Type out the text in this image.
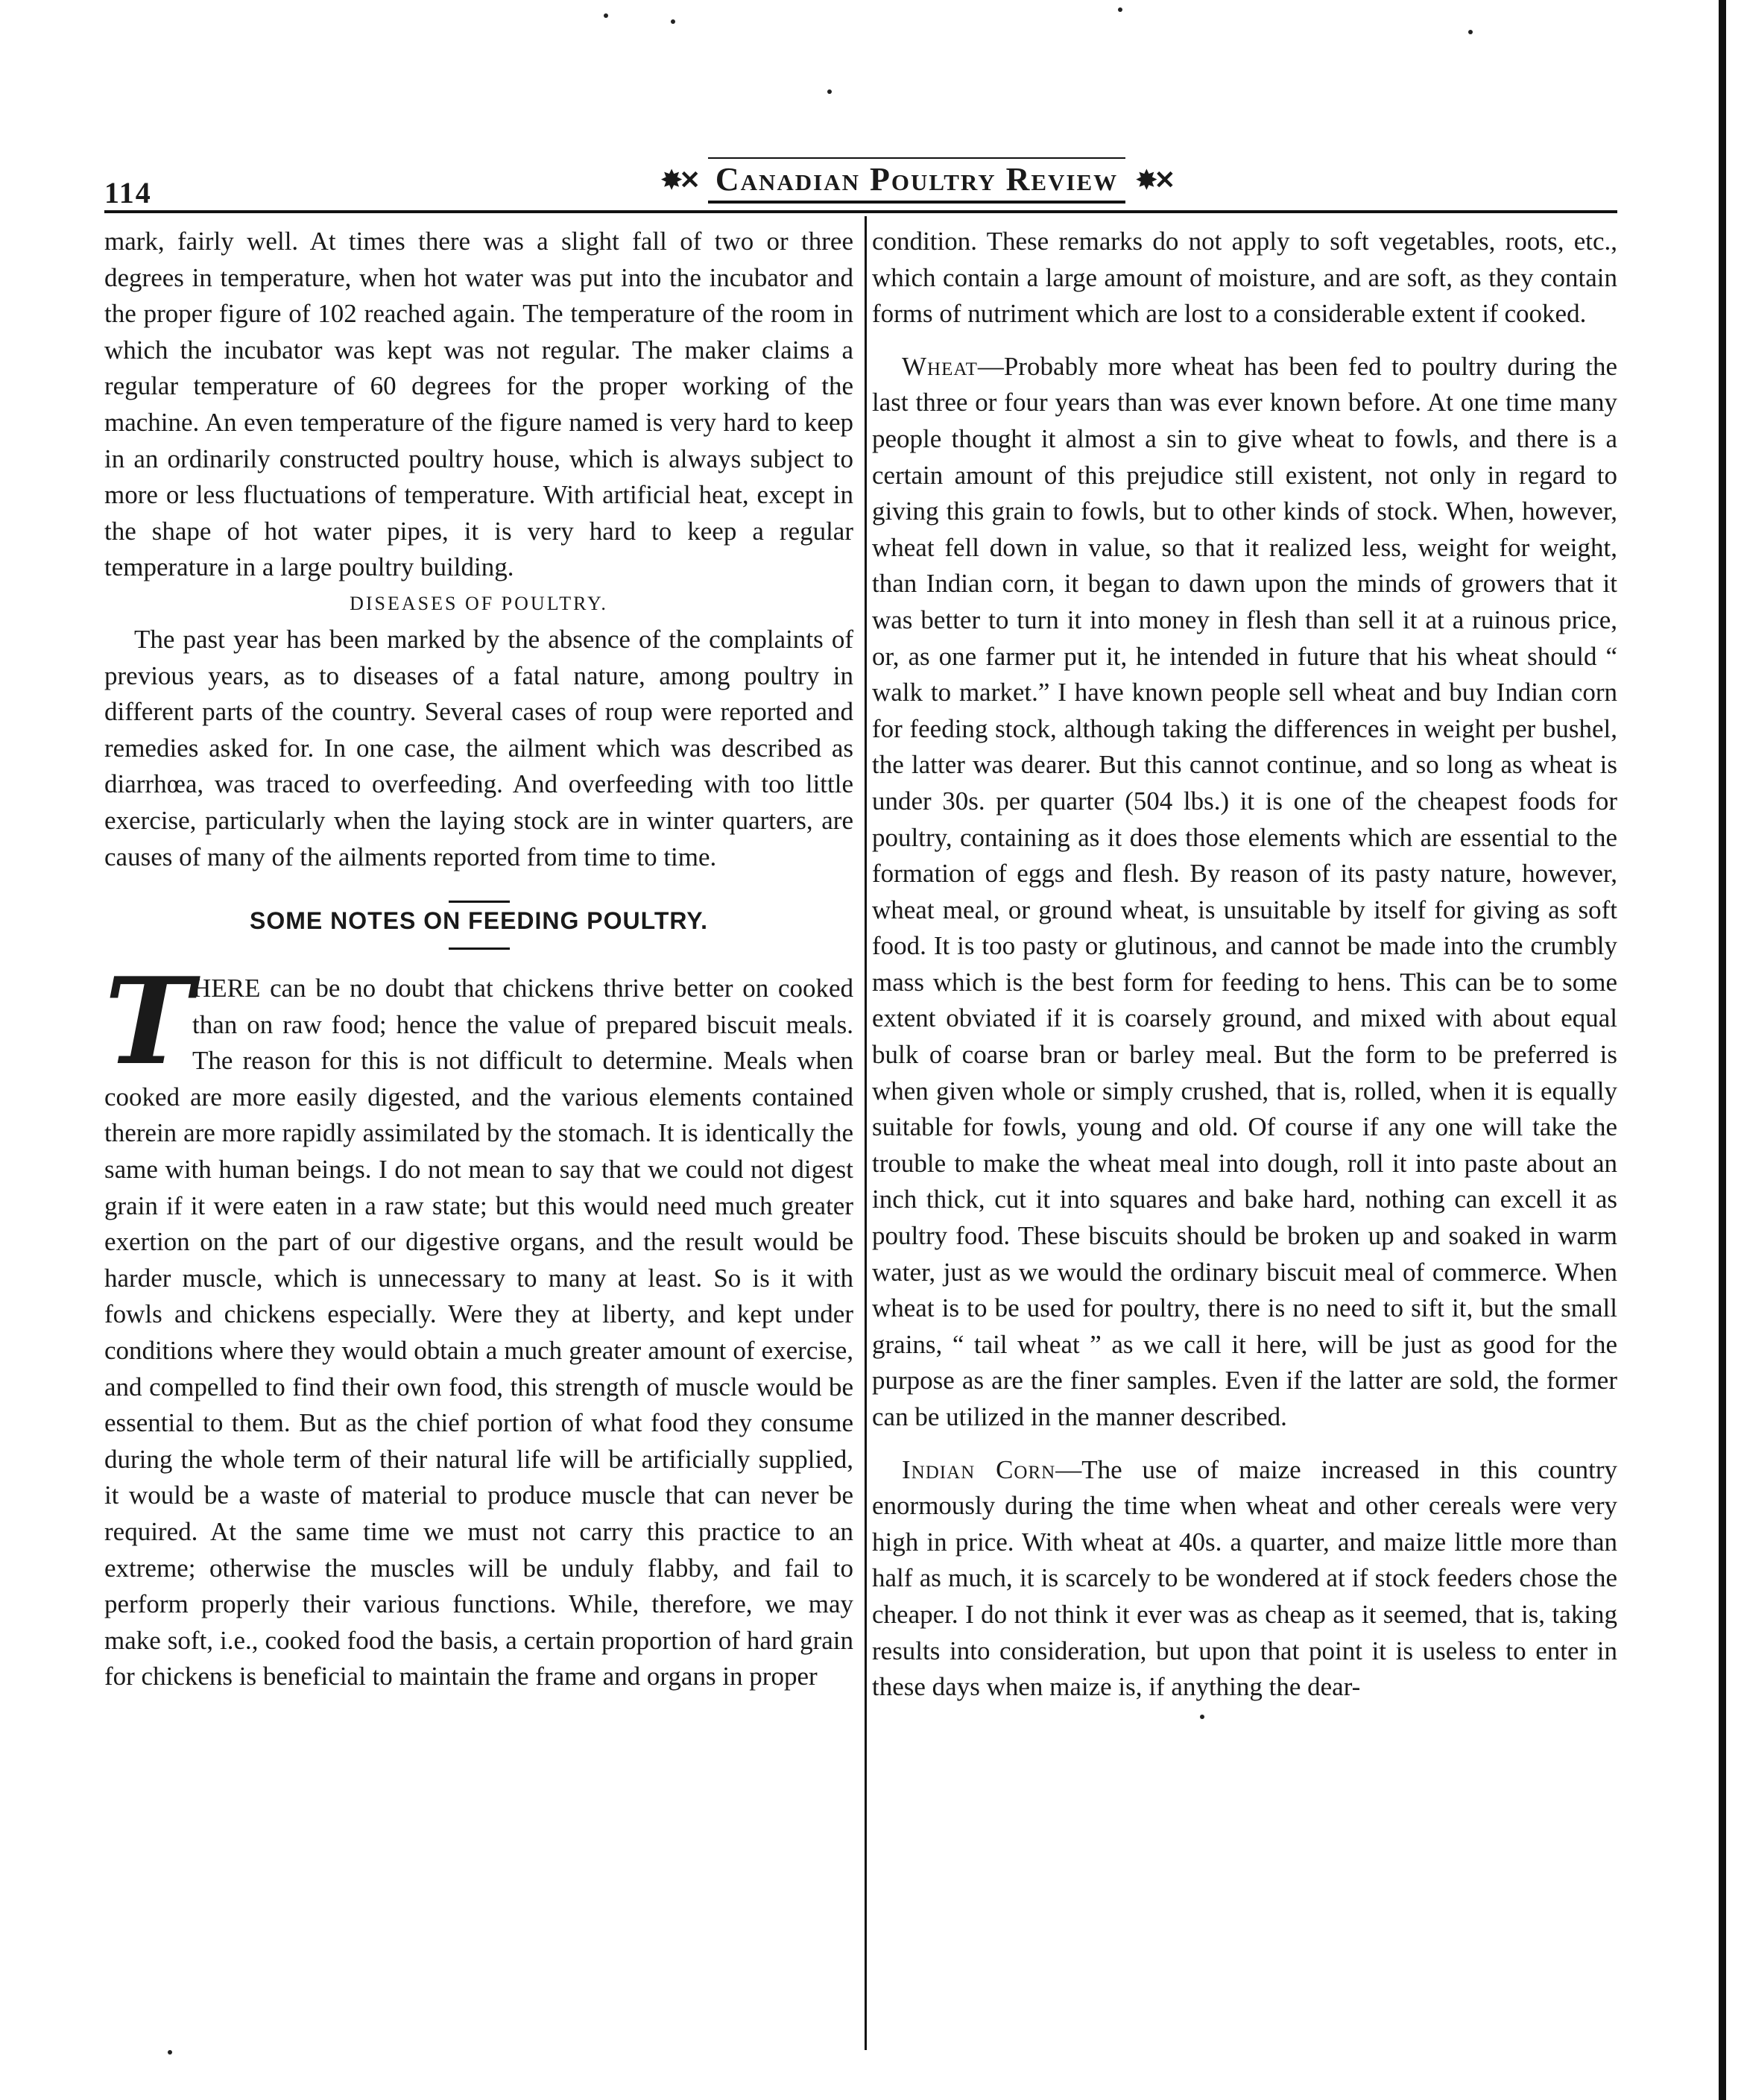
114	✸✕ Canadian Poultry Review ✸✕

mark, fairly well. At times there was a slight fall of two or three degrees in temperature, when hot water was put into the incubator and the proper figure of 102 reached again. The temperature of the room in which the incubator was kept was not regular. The maker claims a regular temperature of 60 degrees for the proper working of the machine. An even temperature of the figure named is very hard to keep in an ordinarily constructed poultry house, which is always subject to more or less fluctuations of temperature. With artificial heat, except in the shape of hot water pipes, it is very hard to keep a regular temperature in a large poultry building.

DISEASES OF POULTRY.

The past year has been marked by the absence of the complaints of previous years, as to diseases of a fatal nature, among poultry in different parts of the country. Several cases of roup were reported and remedies asked for. In one case, the ailment which was described as diarrhœa, was traced to overfeeding. And overfeeding with too little exercise, particularly when the laying stock are in winter quarters, are causes of many of the ailments reported from time to time.

SOME NOTES ON FEEDING POULTRY.

T
HERE can be no doubt that chickens thrive better on cooked than on raw food; hence the value of prepared biscuit meals. The reason for this is not difficult to determine. Meals when cooked are more easily digested, and the various elements contained therein are more rapidly assimilated by the stomach. It is identically the same with human beings. I do not mean to say that we could not digest grain if it were eaten in a raw state; but this would need much greater exertion on the part of our digestive organs, and the result would be harder muscle, which is unnecessary to many at least. So is it with fowls and chickens especially. Were they at liberty, and kept under conditions where they would obtain a much greater amount of exercise, and compelled to find their own food, this strength of muscle would be essential to them. But as the chief portion of what food they consume during the whole term of their natural life will be artificially supplied, it would be a waste of material to produce muscle that can never be required. At the same time we must not carry this practice to an extreme; otherwise the muscles will be unduly flabby, and fail to perform properly their various functions. While, therefore, we may make soft, i.e., cooked food the basis, a certain proportion of hard grain for chickens is beneficial to maintain the frame and organs in proper

condition. These remarks do not apply to soft vegetables, roots, etc., which contain a large amount of moisture, and are soft, as they contain forms of nutriment which are lost to a considerable extent if cooked.

Wheat—Probably more wheat has been fed to poultry during the last three or four years than was ever known before. At one time many people thought it almost a sin to give wheat to fowls, and there is a certain amount of this prejudice still existent, not only in regard to giving this grain to fowls, but to other kinds of stock. When, however, wheat fell down in value, so that it realized less, weight for weight, than Indian corn, it began to dawn upon the minds of growers that it was better to turn it into money in flesh than sell it at a ruinous price, or, as one farmer put it, he intended in future that his wheat should “ walk to market.” I have known people sell wheat and buy Indian corn for feeding stock, although taking the differences in weight per bushel, the latter was dearer. But this cannot continue, and so long as wheat is under 30s. per quarter (504 lbs.) it is one of the cheapest foods for poultry, containing as it does those elements which are essential to the formation of eggs and flesh. By reason of its pasty nature, however, wheat meal, or ground wheat, is unsuitable by itself for giving as soft food. It is too pasty or glutinous, and cannot be made into the crumbly mass which is the best form for feeding to hens. This can be to some extent obviated if it is coarsely ground, and mixed with about equal bulk of coarse bran or barley meal. But the form to be preferred is when given whole or simply crushed, that is, rolled, when it is equally suitable for fowls, young and old. Of course if any one will take the trouble to make the wheat meal into dough, roll it into paste about an inch thick, cut it into squares and bake hard, nothing can excell it as poultry food. These biscuits should be broken up and soaked in warm water, just as we would the ordinary biscuit meal of commerce. When wheat is to be used for poultry, there is no need to sift it, but the small grains, “ tail wheat ” as we call it here, will be just as good for the purpose as are the finer samples. Even if the latter are sold, the former can be utilized in the manner described.

Indian Corn—The use of maize increased in this country enormously during the time when wheat and other cereals were very high in price. With wheat at 40s. a quarter, and maize little more than half as much, it is scarcely to be wondered at if stock feeders chose the cheaper. I do not think it ever was as cheap as it seemed, that is, taking results into consideration, but upon that point it is useless to enter in these days when maize is, if anything the dear-
